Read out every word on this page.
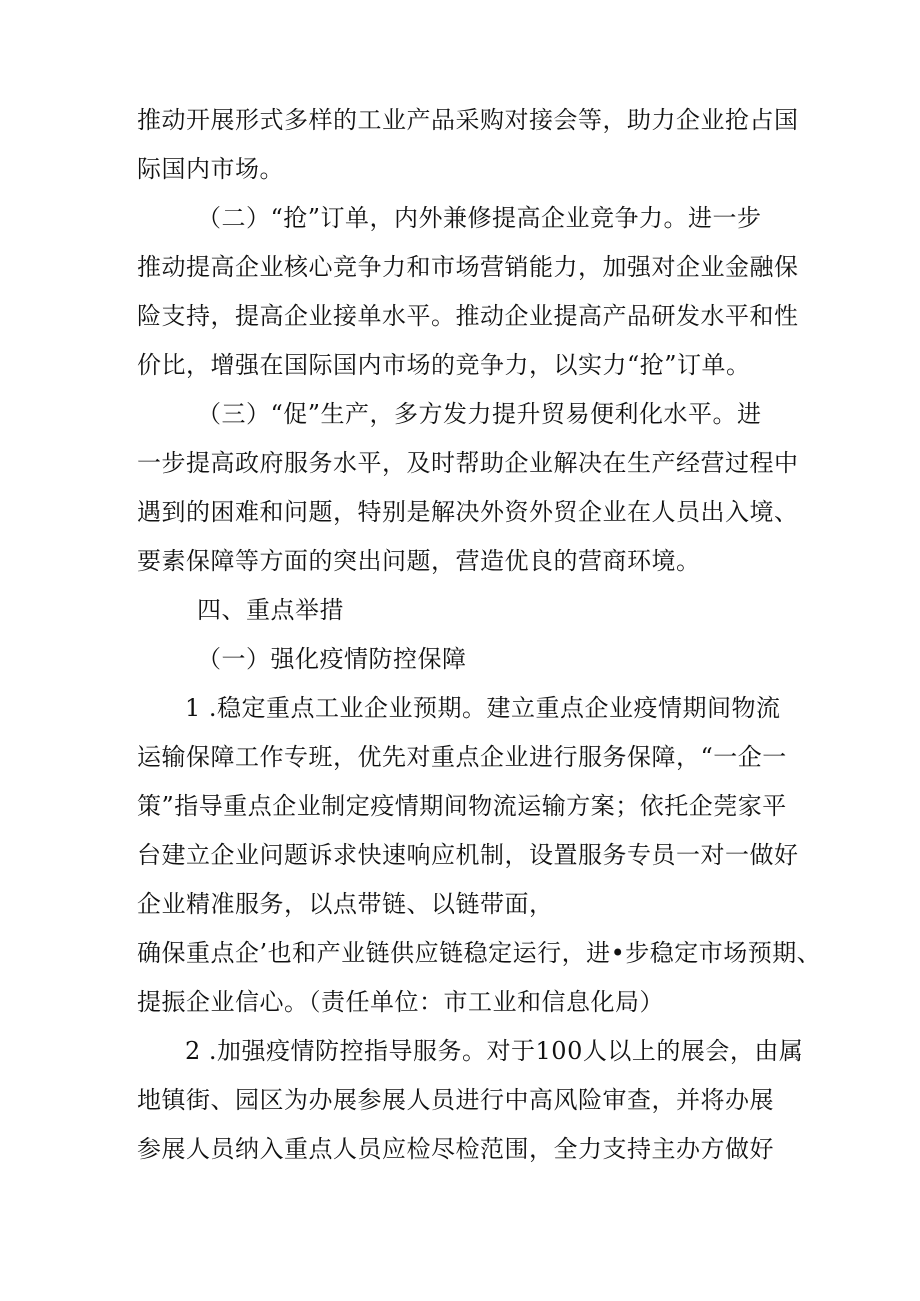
推动开展形式多样的工业产品采购对接会等，助力企业抢占国
际国内市场。
（二）“抢”订单，内外兼修提高企业竞争力。进一步
推动提高企业核心竞争力和市场营销能力，加强对企业金融保
险支持，提高企业接单水平。推动企业提高产品研发水平和性
价比，增强在国际国内市场的竞争力，以实力“抢”订单。
（三）“促”生产，多方发力提升贸易便利化水平。进
一步提高政府服务水平，及时帮助企业解决在生产经营过程中
遇到的困难和问题，特别是解决外资外贸企业在人员出入境、
要素保障等方面的突出问题，营造优良的营商环境。
四、重点举措
（一）强化疫情防控保障
1 .稳定重点工业企业预期。建立重点企业疫情期间物流
运输保障工作专班，优先对重点企业进行服务保障，“一企一
策”指导重点企业制定疫情期间物流运输方案；依托企莞家平
台建立企业问题诉求快速响应机制，设置服务专员一对一做好
企业精准服务，以点带链、以链带面，
确保重点企’也和产业链供应链稳定运行，进•步稳定市场预期、
提振企业信心。（责任单位：市工业和信息化局）
2 .加强疫情防控指导服务。对于100人以上的展会，由属
地镇街、园区为办展参展人员进行中高风险审查，并将办展
参展人员纳入重点人员应检尽检范围，全力支持主办方做好
